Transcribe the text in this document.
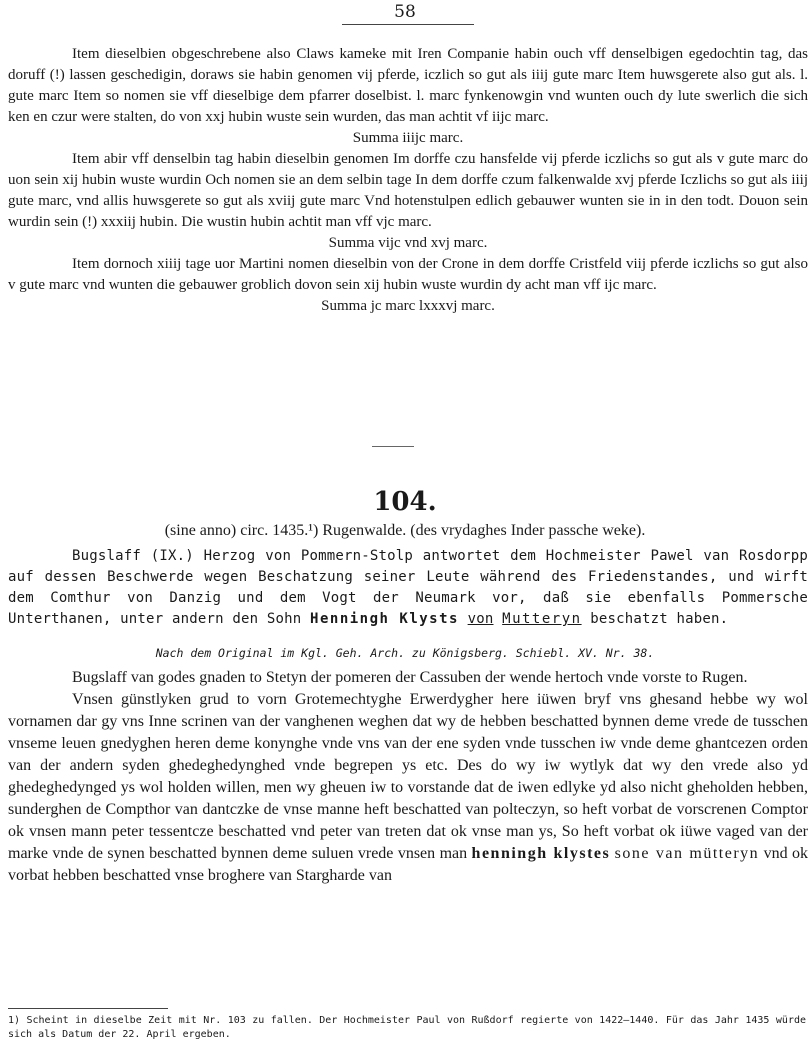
58

Item dieselbien obgeschrebene also Claws kameke mit Iren Companie habin ouch vff denselbigen egedochtin tag, das doruff (!) lassen geschedigin, doraws sie habin genomen vij pferde, iczlich so gut als iiij gute marc Item huwsgerete also gut als. l. gute marc Item so nomen sie vff dieselbige dem pfarrer doselbist. l. marc fynkenowgin vnd wunten ouch dy lute swerlich die sich ken en czur were stalten, do von xxj hubin wuste sein wurden, das man achtit vf iijc marc.

Summa iiijc marc.

Item abir vff denselbin tag habin dieselbin genomen Im dorffe czu hansfelde vij pferde iczlichs so gut als v gute marc do uon sein xij hubin wuste wurdin Och nomen sie an dem selbin tage In dem dorffe czum falkenwalde xvj pferde Iczlichs so gut als iiij gute marc, vnd allis huwsgerete so gut als xviij gute marc Vnd hotenstulpen edlich gebauwer wunten sie in in den todt. Douon sein wurdin sein (!) xxxiij hubin. Die wustin hubin achtit man vff vjc marc.

Summa vijc vnd xvj marc.

Item dornoch xiiij tage uor Martini nomen dieselbin von der Crone in dem dorffe Cristfeld viij pferde iczlichs so gut also v gute marc vnd wunten die gebauwer groblich dovon sein xij hubin wuste wurdin dy acht man vff ijc marc.

Summa jc marc lxxxvj marc.

104.
(sine anno) circ. 1435.¹) Rugenwalde. (des vrydaghes Inder passche weke).

Bugslaff (IX.) Herzog von Pommern-Stolp antwortet dem Hochmeister Pawel van Rosdorpp auf dessen Beschwerde wegen Beschatzung seiner Leute während des Friedenstandes, und wirft dem Comthur von Danzig und dem Vogt der Neumark vor, daß sie ebenfalls Pommersche Unterthanen, unter andern den Sohn Henningh Klysts von Mutteryn beschatzt haben.

Nach dem Original im Kgl. Geh. Arch. zu Königsberg. Schiebl. XV. Nr. 38.

Bugslaff van godes gnaden to Stetyn der pomeren der Cassuben der wende hertoch vnde vorste to Rugen.

Vnsen günstlyken grud to vorn Grotemechtyghe Erwerdygher here iüwen bryf vns ghesand hebbe wy wol vornamen dar gy vns Inne scrinen van der vanghenen weghen dat wy de hebben beschatted bynnen deme vrede de tusschen vnseme leuen gnedyghen heren deme konynghe vnde vns van der ene syden vnde tusschen iw vnde deme ghantcezen orden van der andern syden ghedeghedynghed vnde begrepen ys etc. Des do wy iw wytlyk dat wy den vrede also yd ghedeghedynged ys wol holden willen, men wy gheuen iw to vorstande dat de iwen edlyke yd also nicht gheholden hebben, sunderghen de Compthor van dantczke de vnse manne heft beschatted van polteczyn, so heft vorbat de vorscrenen Comptor ok vnsen mann peter tessentcze beschatted vnd peter van treten dat ok vnse man ys, So heft vorbat ok iüwe vaged van der marke vnde de synen beschatted bynnen deme suluen vrede vnsen man henningh klystes sone van mütteryn vnd ok vorbat hebben beschatted vnse broghere van Stargharde van

1) Scheint in dieselbe Zeit mit Nr. 103 zu fallen. Der Hochmeister Paul von Rußdorf regierte von 1422—1440. Für das Jahr 1435 würde sich als Datum der 22. April ergeben.
